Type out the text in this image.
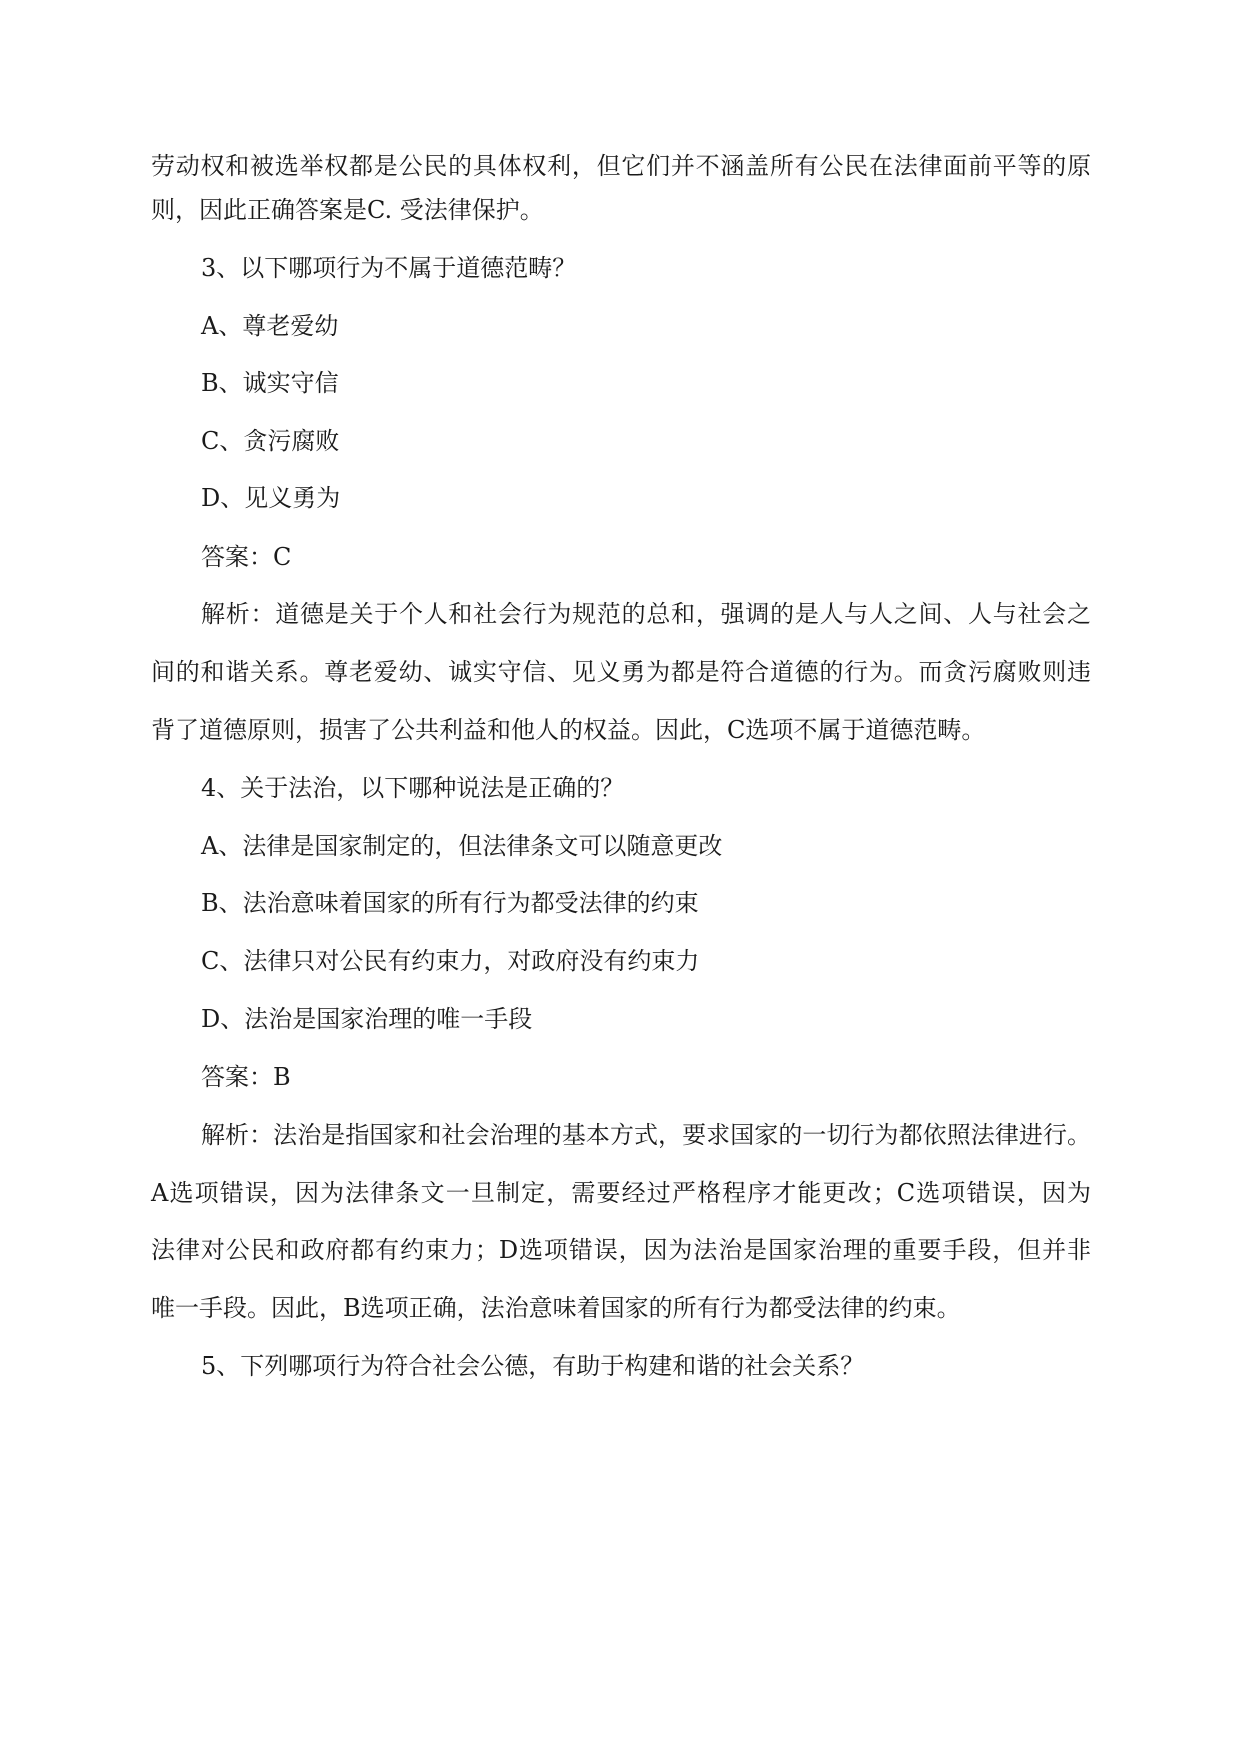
劳动权和被选举权都是公民的具体权利，但它们并不涵盖所有公民在法律面前平等的原
则，因此正确答案是C. 受法律保护。
3、以下哪项行为不属于道德范畴？
A、尊老爱幼
B、诚实守信
C、贪污腐败
D、见义勇为
答案：C
解析：道德是关于个人和社会行为规范的总和，强调的是人与人之间、人与社会之
间的和谐关系。尊老爱幼、诚实守信、见义勇为都是符合道德的行为。而贪污腐败则违
背了道德原则，损害了公共利益和他人的权益。因此，C选项不属于道德范畴。
4、关于法治，以下哪种说法是正确的？
A、法律是国家制定的，但法律条文可以随意更改
B、法治意味着国家的所有行为都受法律的约束
C、法律只对公民有约束力，对政府没有约束力
D、法治是国家治理的唯一手段
答案：B
解析：法治是指国家和社会治理的基本方式，要求国家的一切行为都依照法律进行。
A选项错误，因为法律条文一旦制定，需要经过严格程序才能更改；C选项错误，因为
法律对公民和政府都有约束力；D选项错误，因为法治是国家治理的重要手段，但并非
唯一手段。因此，B选项正确，法治意味着国家的所有行为都受法律的约束。
5、下列哪项行为符合社会公德，有助于构建和谐的社会关系？
